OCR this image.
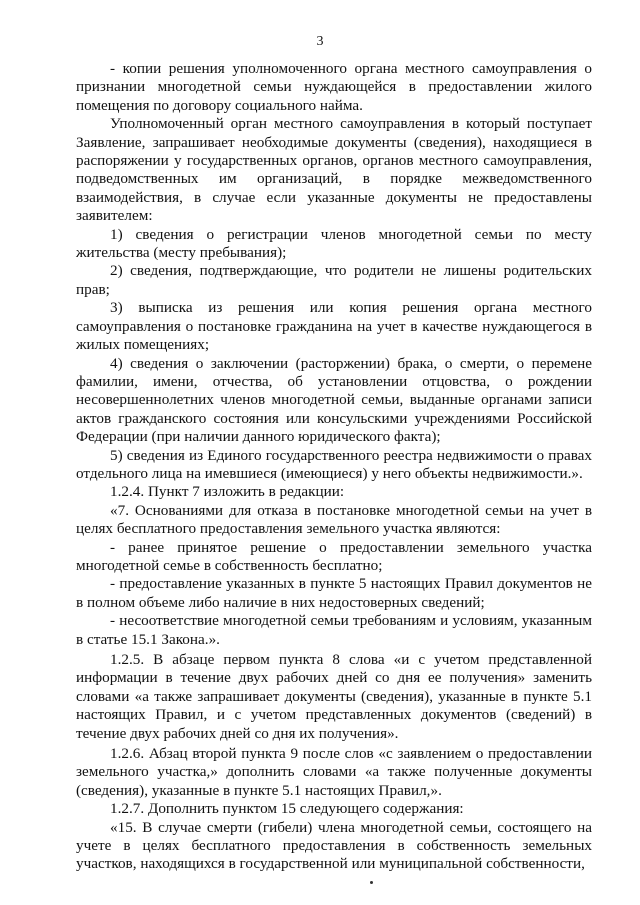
3

- копии решения уполномоченного органа местного самоуправления о признании многодетной семьи нуждающейся в предоставлении жилого помещения по договору социального найма.

Уполномоченный орган местного самоуправления в который поступает Заявление, запрашивает необходимые документы (сведения), находящиеся в распоряжении у государственных органов, органов местного самоуправления, подведомственных им организаций, в порядке межведомственного взаимодействия, в случае если указанные документы не предоставлены заявителем:

1) сведения о регистрации членов многодетной семьи по месту жительства (месту пребывания);

2) сведения, подтверждающие, что родители не лишены родительских прав;

3) выписка из решения или копия решения органа местного самоуправления о постановке гражданина на учет в качестве нуждающегося в жилых помещениях;

4) сведения о заключении (расторжении) брака, о смерти, о перемене фамилии, имени, отчества, об установлении отцовства, о рождении несовершеннолетних членов многодетной семьи, выданные органами записи актов гражданского состояния или консульскими учреждениями Российской Федерации (при наличии данного юридического факта);

5) сведения из Единого государственного реестра недвижимости о правах отдельного лица на имевшиеся (имеющиеся) у него объекты недвижимости.».

1.2.4. Пункт 7 изложить в редакции:

«7. Основаниями для отказа в постановке многодетной семьи на учет в целях бесплатного предоставления земельного участка являются:

- ранее принятое решение о предоставлении земельного участка многодетной семье в собственность бесплатно;

- предоставление указанных в пункте 5 настоящих Правил документов не в полном объеме либо наличие в них недостоверных сведений;

- несоответствие многодетной семьи требованиям и условиям, указанным в статье 15.1 Закона.».

1.2.5. В абзаце первом пункта 8 слова «и с учетом представленной информации в течение двух рабочих дней со дня ее получения» заменить словами «а также запрашивает документы (сведения), указанные в пункте 5.1 настоящих Правил, и с учетом представленных документов (сведений) в течение двух рабочих дней со дня их получения».

1.2.6. Абзац второй пункта 9 после слов «с заявлением о предоставлении земельного участка,» дополнить словами «а также полученные документы (сведения), указанные в пункте 5.1 настоящих Правил,».

1.2.7. Дополнить пунктом 15 следующего содержания:

«15. В случае смерти (гибели) члена многодетной семьи, состоящего на учете в целях бесплатного предоставления в собственность земельных участков, находящихся в государственной или муниципальной собственности,
